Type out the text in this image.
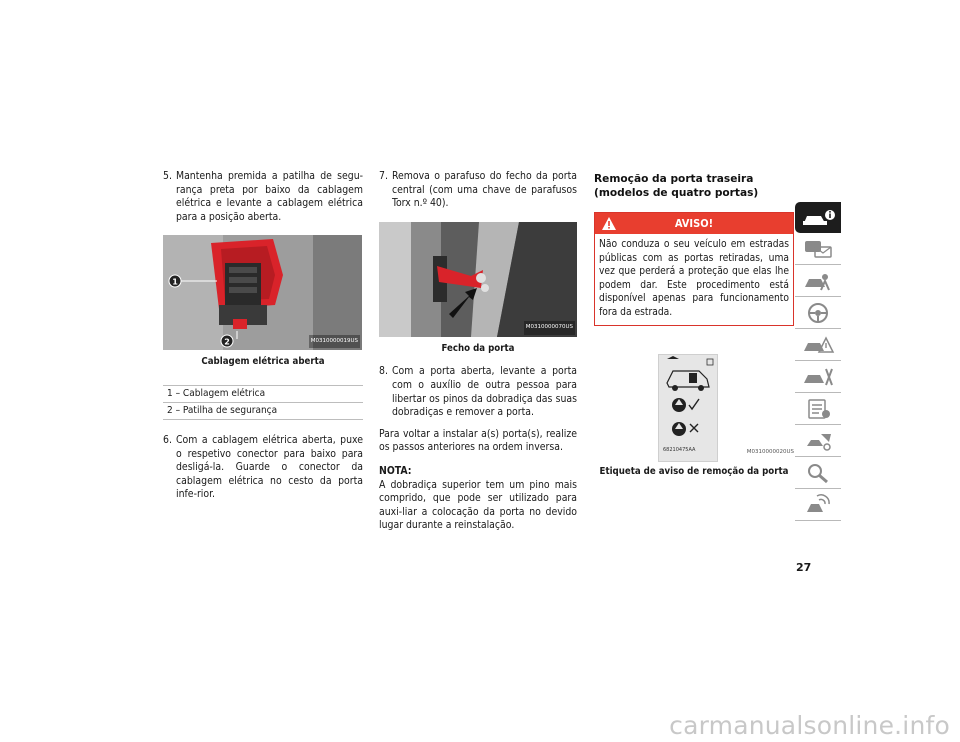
5. Mantenha premida a patilha de segu-rança preta por baixo da cablagem elétrica e levante a cablagem elétrica para a posição aberta.
1
2	M0310000019US
Cablagem elétrica aberta
1 – Cablagem elétrica
2 – Patilha de segurança
6. Com a cablagem elétrica aberta, puxe o respetivo conector para baixo para desligá-la. Guarde o conector da cablagem elétrica no cesto da porta infe-rior.
7. Remova o parafuso do fecho da porta central (com uma chave de parafusos Torx n.º 40).
M0310000070US
Fecho da porta
8. Com a porta aberta, levante a porta com o auxílio de outra pessoa para libertar os pinos da dobradiça das suas dobradiças e remover a porta.

Para voltar a instalar a(s) porta(s), realize os passos anteriores na ordem inversa.

NOTA:

A dobradiça superior tem um pino mais comprido, que pode ser utilizado para auxi-liar a colocação da porta no devido lugar durante a reinstalação.

Remoção da porta traseira (modelos de quatro portas)
AVISO!
Não conduza o seu veículo em estradas públicas com as portas retiradas, uma vez que perderá a proteção que elas lhe podem dar. Este procedimento está disponível apenas para funcionamento fora da estrada.
68210475AA	M0310000020US
Etiqueta de aviso de remoção da porta
27
carmanualsonline.info
